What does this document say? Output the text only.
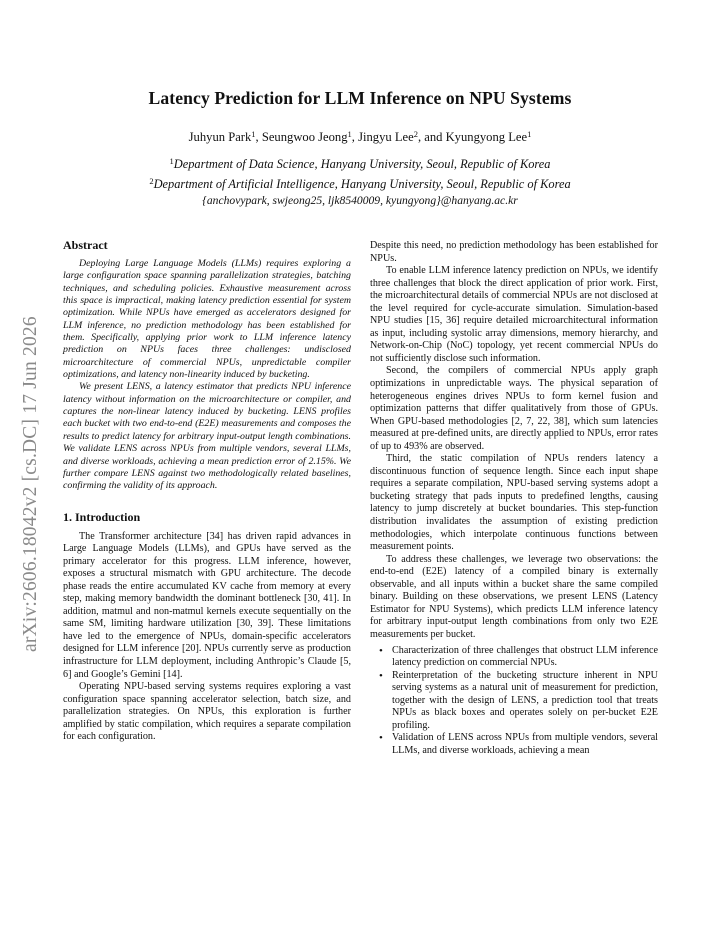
arXiv:2606.18042v2 [cs.DC] 17 Jun 2026
Latency Prediction for LLM Inference on NPU Systems
Juhyun Park$^1$, Seungwoo Jeong$^1$, Jingyu Lee$^2$, and Kyungyong Lee$^1$
$^1$Department of Data Science, Hanyang University, Seoul, Republic of Korea
$^2$Department of Artificial Intelligence, Hanyang University, Seoul, Republic of Korea
{anchovypark, swjeong25, ljk8540009, kyungyong}@hanyang.ac.kr
Abstract

Deploying Large Language Models (LLMs) requires exploring a large configuration space spanning parallelization strategies, batching techniques, and scheduling policies. Exhaustive measurement across this space is impractical, making latency prediction essential for system optimization. While NPUs have emerged as accelerators designed for LLM inference, no prediction methodology has been established for them. Specifically, applying prior work to LLM inference latency prediction on NPUs faces three challenges: undisclosed microarchitecture of commercial NPUs, unpredictable compiler optimizations, and latency non-linearity induced by bucketing.

We present LENS, a latency estimator that predicts NPU inference latency without information on the microarchitecture or compiler, and captures the non-linear latency induced by bucketing. LENS profiles each bucket with two end-to-end (E2E) measurements and composes the results to predict latency for arbitrary input-output length combinations. We validate LENS across NPUs from multiple vendors, several LLMs, and diverse workloads, achieving a mean prediction error of 2.15%. We further compare LENS against two methodologically related baselines, confirming the validity of its approach.

1. Introduction

The Transformer architecture [34] has driven rapid advances in Large Language Models (LLMs), and GPUs have served as the primary accelerator for this progress. LLM inference, however, exposes a structural mismatch with GPU architecture. The decode phase reads the entire accumulated KV cache from memory at every step, making memory bandwidth the dominant bottleneck [30, 41]. In addition, matmul and non-matmul kernels execute sequentially on the same SM, limiting hardware utilization [30, 39]. These limitations have led to the emergence of NPUs, domain-specific accelerators designed for LLM inference [20]. NPUs currently serve as production infrastructure for LLM deployment, including Anthropic’s Claude [5, 6] and Google’s Gemini [14].

Operating NPU-based serving systems requires exploring a vast configuration space spanning accelerator selection, batch size, and parallelization strategies. On NPUs, this exploration is further amplified by static compilation, which requires a separate compilation for each configuration.

Despite this need, no prediction methodology has been established for NPUs.

To enable LLM inference latency prediction on NPUs, we identify three challenges that block the direct application of prior work. First, the microarchitectural details of commercial NPUs are not disclosed at the level required for cycle-accurate simulation. Simulation-based NPU studies [15, 36] require detailed microarchitectural information as input, including systolic array dimensions, memory hierarchy, and Network-on-Chip (NoC) topology, yet recent commercial NPUs do not sufficiently disclose such information.

Second, the compilers of commercial NPUs apply graph optimizations in unpredictable ways. The physical separation of heterogeneous engines drives NPUs to form kernel fusion and optimization patterns that differ qualitatively from those of GPUs. When GPU-based methodologies [2, 7, 22, 38], which sum latencies measured at pre-defined units, are directly applied to NPUs, error rates of up to 493% are observed.

Third, the static compilation of NPUs renders latency a discontinuous function of sequence length. Since each input shape requires a separate compilation, NPU-based serving systems adopt a bucketing strategy that pads inputs to predefined lengths, causing latency to jump discretely at bucket boundaries. This step-function distribution invalidates the assumption of existing prediction methodologies, which interpolate continuous functions between measurement points.

To address these challenges, we leverage two observations: the end-to-end (E2E) latency of a compiled binary is externally observable, and all inputs within a bucket share the same compiled binary. Building on these observations, we present LENS (Latency Estimator for NPU Systems), which predicts LLM inference latency for arbitrary input-output length combinations from only two E2E measurements per bucket.

• Characterization of three challenges that obstruct LLM inference latency prediction on commercial NPUs.
• Reinterpretation of the bucketing structure inherent in NPU serving systems as a natural unit of measurement for prediction, together with the design of LENS, a prediction tool that treats NPUs as black boxes and operates solely on per-bucket E2E profiling.
• Validation of LENS across NPUs from multiple vendors, several LLMs, and diverse workloads, achieving a mean
